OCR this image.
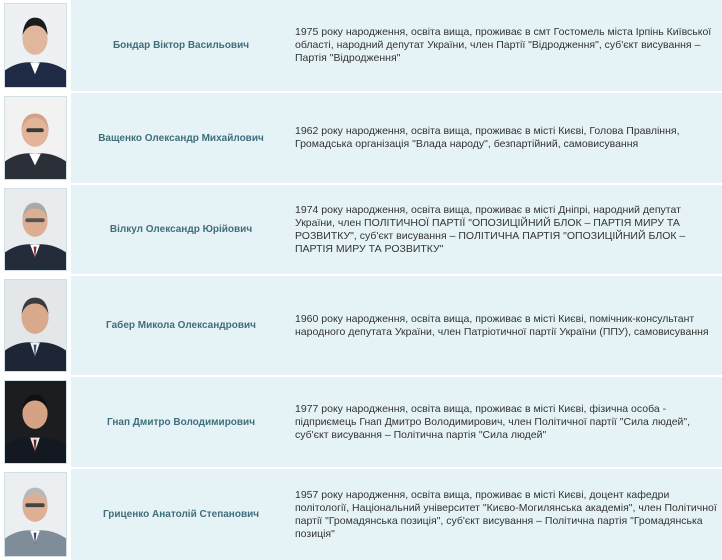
Бондар Віктор Васильович
1975 року народження, освіта вища, проживає в смт Гостомель міста Ірпінь Київської області, народний депутат України, член Партії "Відродження", суб'єкт висування – Партія "Відродження"
Ващенко Олександр Михайлович
1962 року народження, освіта вища, проживає в місті Києві, Голова Правління, Громадська організація "Влада народу", безпартійний, самовисування
Вілкул Олександр Юрійович
1974 року народження, освіта вища, проживає в місті Дніпрі, народний депутат України, член ПОЛІТИЧНОЇ ПАРТІЇ "ОПОЗИЦІЙНИЙ БЛОК – ПАРТІЯ МИРУ ТА РОЗВИТКУ", суб'єкт висування – ПОЛІТИЧНА ПАРТІЯ "ОПОЗИЦІЙНИЙ БЛОК – ПАРТІЯ МИРУ ТА РОЗВИТКУ"
Габер Микола Олександрович
1960 року народження, освіта вища, проживає в місті Києві, помічник-консультант народного депутата України, член Патріотичної партії України (ППУ), самовисування
Гнап Дмитро Володимирович
1977 року народження, освіта вища, проживає в місті Києві, фізична особа - підприємець Гнап Дмитро Володимирович, член Політичної партії "Сила людей", суб'єкт висування – Політична партія "Сила людей"
Гриценко Анатолій Степанович
1957 року народження, освіта вища, проживає в місті Києві, доцент кафедри політології, Національний університет "Києво-Могилянська академія", член Політичної партії "Громадянська позиція", суб'єкт висування – Політична партія "Громадянська позиція"
